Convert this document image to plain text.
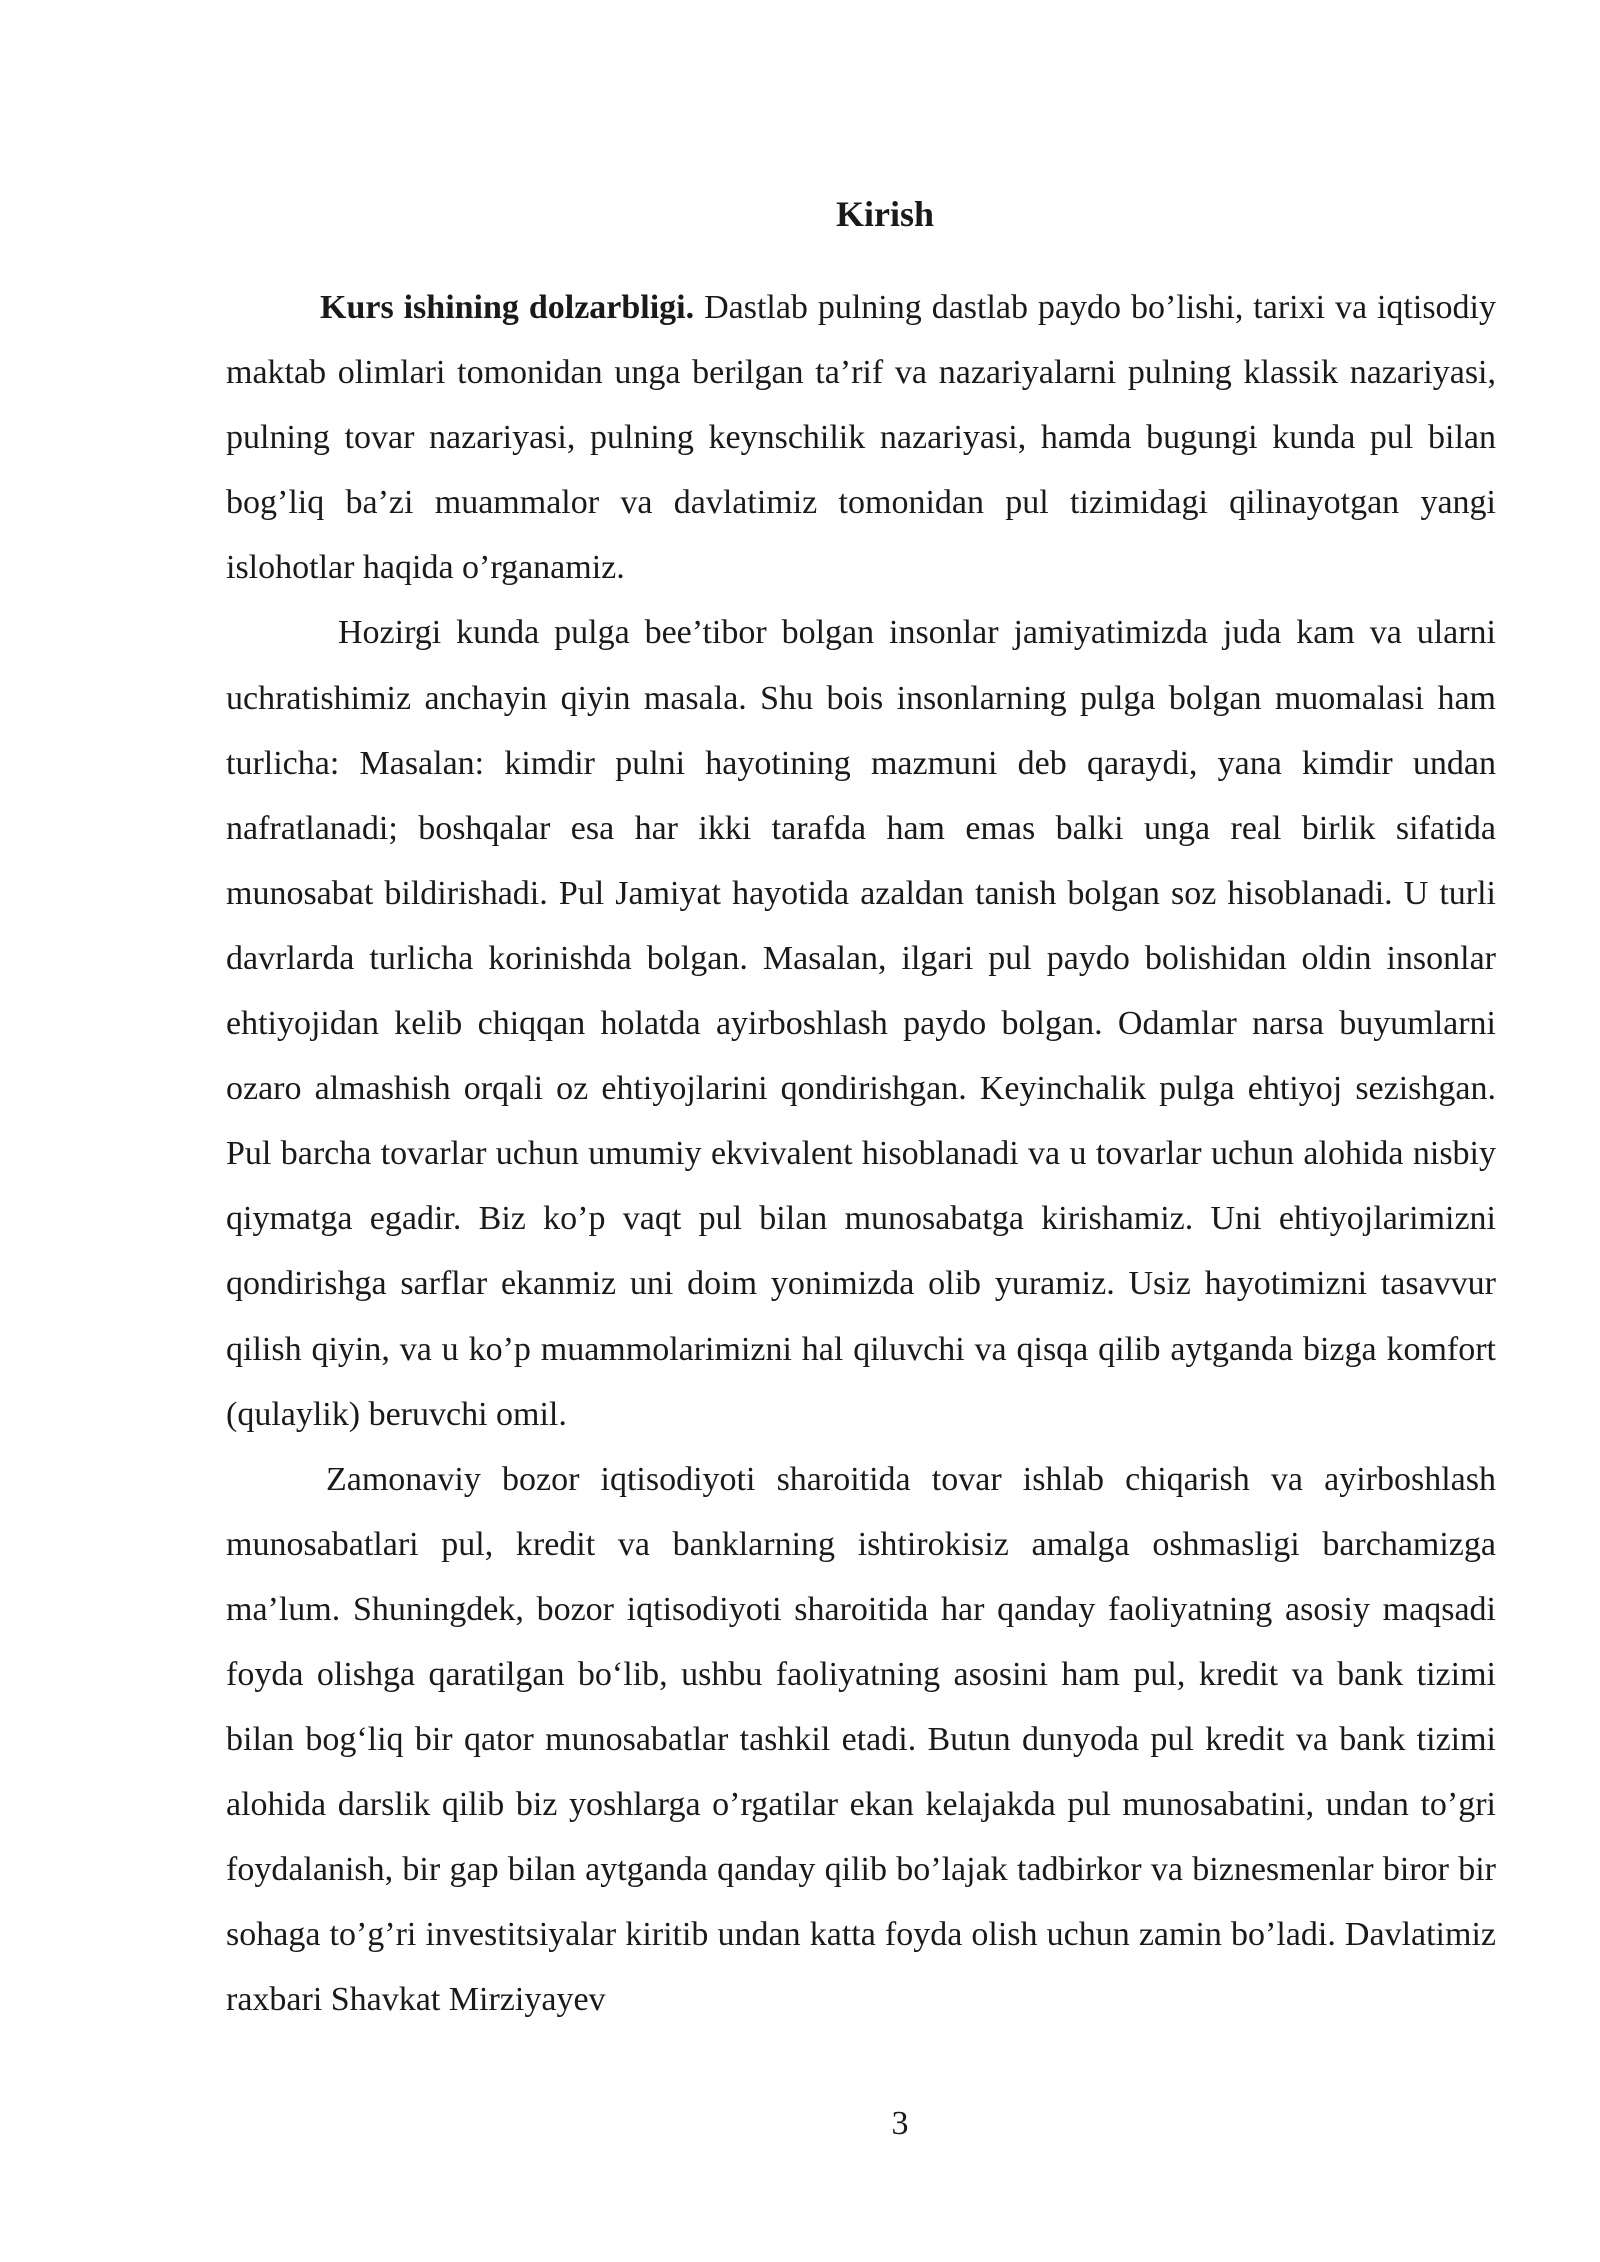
Kirish

Kurs ishining dolzarbligi. Dastlab pulning dastlab paydo bo’lishi, tarixi va iqtisodiy maktab olimlari tomonidan unga berilgan ta’rif va nazariyalarni pulning klassik nazariyasi, pulning tovar nazariyasi, pulning keynschilik nazariyasi, hamda bugungi kunda pul bilan bog’liq ba’zi muammalor va davlatimiz tomonidan pul tizimidagi qilinayotgan yangi islohotlar haqida o’rganamiz.

Hozirgi kunda pulga bee’tibor bolgan insonlar jamiyatimizda juda kam va ularni uchratishimiz anchayin qiyin masala. Shu bois insonlarning pulga bolgan muomalasi ham turlicha: Masalan: kimdir pulni hayotining mazmuni deb qaraydi, yana kimdir undan nafratlanadi; boshqalar esa har ikki tarafda ham emas balki unga real birlik sifatida munosabat bildirishadi. Pul Jamiyat hayotida azaldan tanish bolgan soz hisoblanadi. U turli davrlarda turlicha korinishda bolgan. Masalan, ilgari pul paydo bolishidan oldin insonlar ehtiyojidan kelib chiqqan holatda ayirboshlash paydo bolgan. Odamlar narsa buyumlarni ozaro almashish orqali oz ehtiyojlarini qondirishgan. Keyinchalik pulga ehtiyoj sezishgan. Pul barcha tovarlar uchun umumiy ekvivalent hisoblanadi va u tovarlar uchun alohida nisbiy qiymatga egadir. Biz ko’p vaqt pul bilan munosabatga kirishamiz. Uni ehtiyojlarimizni qondirishga sarflar ekanmiz uni doim yonimizda olib yuramiz. Usiz hayotimizni tasavvur qilish qiyin, va u ko’p muammolarimizni hal qiluvchi va qisqa qilib aytganda bizga komfort (qulaylik) beruvchi omil.

Zamonaviy bozor iqtisodiyoti sharoitida tovar ishlab chiqarish va ayirboshlash munosabatlari pul, kredit va banklarning ishtirokisiz amalga oshmasligi barchamizga ma’lum. Shuningdek, bozor iqtisodiyoti sharoitida har qanday faoliyatning asosiy maqsadi foyda olishga qaratilgan bo‘lib, ushbu faoliyatning asosini ham pul, kredit va bank tizimi bilan bog‘liq bir qator munosabatlar tashkil etadi. Butun dunyoda pul kredit va bank tizimi alohida darslik qilib biz yoshlarga o’rgatilar ekan kelajakda pul munosabatini, undan to’gri foydalanish, bir gap bilan aytganda qanday qilib bo’lajak tadbirkor va biznesmenlar biror bir sohaga to’g’ri investitsiyalar kiritib undan katta foyda olish uchun zamin bo’ladi. Davlatimiz raxbari Shavkat Mirziyayev

3
